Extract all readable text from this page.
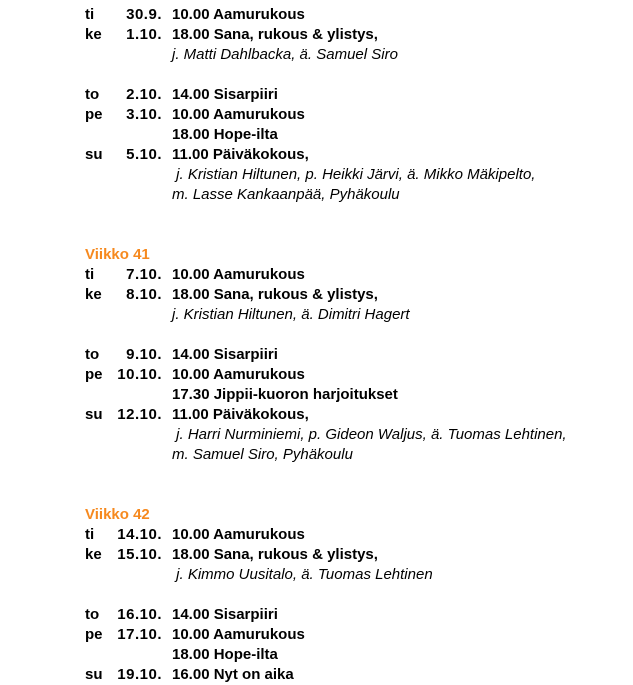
ti	30.9. 10.00 Aamurukous
ke	1.10. 18.00 Sana, rukous & ylistys,
j. Matti Dahlbacka, ä. Samuel Siro
to	2.10. 14.00 Sisarpiiri
pe	3.10. 10.00 Aamurukous
18.00 Hope-ilta
su	5.10. 11.00 Päiväkokous,
j. Kristian Hiltunen, p. Heikki Järvi, ä. Mikko Mäkipelto,
m. Lasse Kankaanpää, Pyhäkoulu
Viikko 41
ti	7.10. 10.00 Aamurukous
ke	8.10. 18.00 Sana, rukous & ylistys,
j. Kristian Hiltunen, ä. Dimitri Hagert
to	9.10. 14.00 Sisarpiiri
pe 10.10. 10.00 Aamurukous
17.30 Jippii-kuoron harjoitukset
su 12.10. 11.00 Päiväkokous,
j. Harri Nurminiemi, p. Gideon Waljus, ä. Tuomas Lehtinen,
m. Samuel Siro, Pyhäkoulu
Viikko 42
ti	14.10. 10.00 Aamurukous
ke	15.10. 18.00 Sana, rukous & ylistys,
j. Kimmo Uusitalo, ä. Tuomas Lehtinen
to	16.10. 14.00 Sisarpiiri
pe 17.10. 10.00 Aamurukous
18.00 Hope-ilta
su 19.10. 16.00 Nyt on aika
